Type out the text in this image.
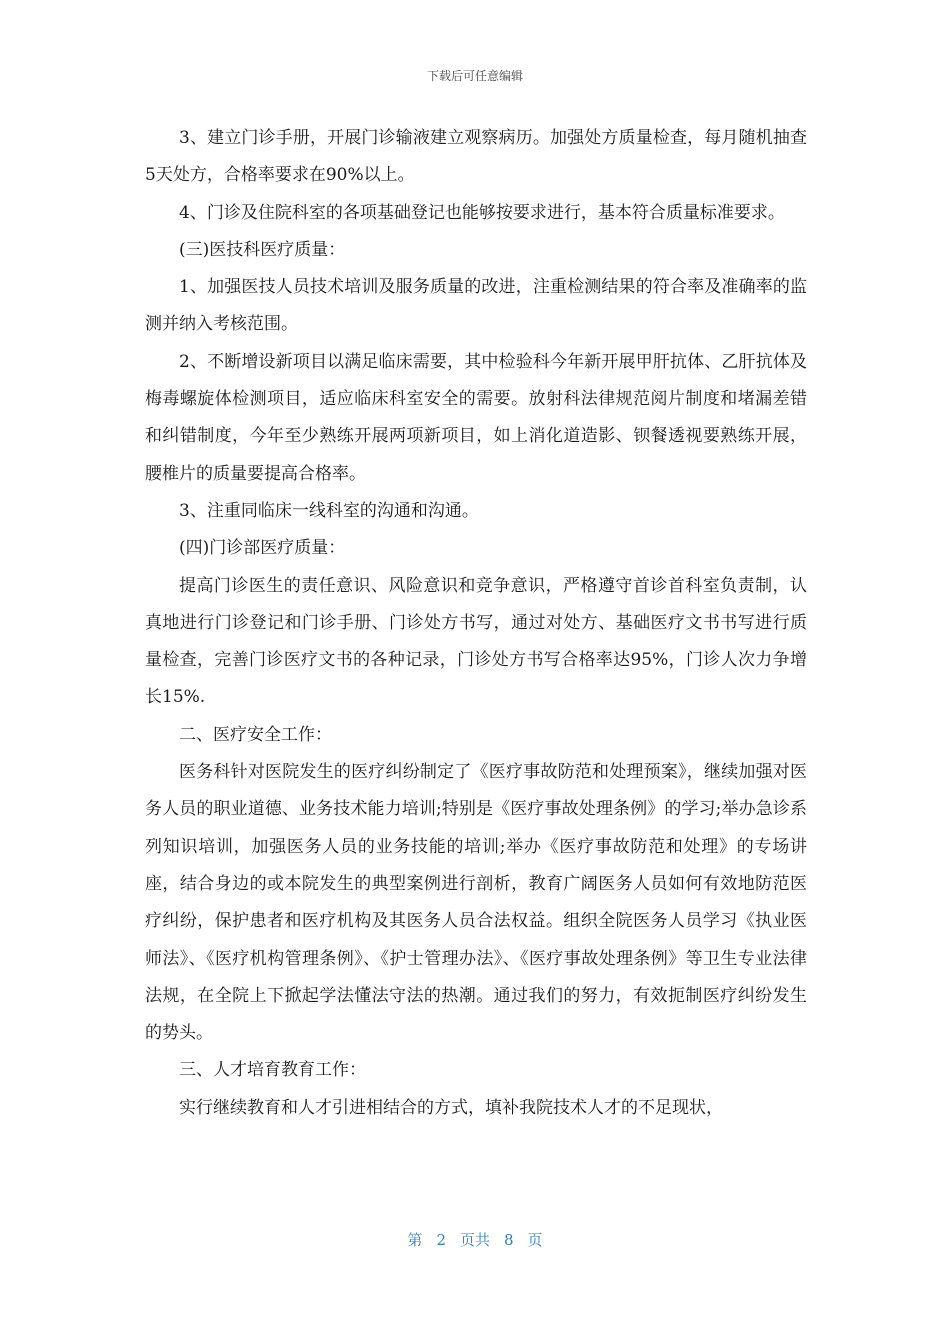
下载后可任意编辑

3、建立门诊手册，开展门诊输液建立观察病历。加强处方质量检查，每月随机抽查5天处方，合格率要求在90%以上。

4、门诊及住院科室的各项基础登记也能够按要求进行，基本符合质量标准要求。

(三)医技科医疗质量：

1、加强医技人员技术培训及服务质量的改进，注重检测结果的符合率及准确率的监测并纳入考核范围。

2、不断增设新项目以满足临床需要，其中检验科今年新开展甲肝抗体、乙肝抗体及梅毒螺旋体检测项目，适应临床科室安全的需要。放射科法律规范阅片制度和堵漏差错和纠错制度，今年至少熟练开展两项新项目，如上消化道造影、钡餐透视要熟练开展，腰椎片的质量要提高合格率。

3、注重同临床一线科室的沟通和沟通。

(四)门诊部医疗质量：

提高门诊医生的责任意识、风险意识和竞争意识，严格遵守首诊首科室负责制，认真地进行门诊登记和门诊手册、门诊处方书写，通过对处方、基础医疗文书书写进行质量检查，完善门诊医疗文书的各种记录，门诊处方书写合格率达95%，门诊人次力争增长15%.

二、医疗安全工作：

医务科针对医院发生的医疗纠纷制定了《医疗事故防范和处理预案》，继续加强对医务人员的职业道德、业务技术能力培训;特别是《医疗事故处理条例》的学习;举办急诊系列知识培训，加强医务人员的业务技能的培训;举办《医疗事故防范和处理》的专场讲座，结合身边的或本院发生的典型案例进行剖析，教育广阔医务人员如何有效地防范医疗纠纷，保护患者和医疗机构及其医务人员合法权益。组织全院医务人员学习《执业医师法》、《医疗机构管理条例》、《护士管理办法》、《医疗事故处理条例》等卫生专业法律法规，在全院上下掀起学法懂法守法的热潮。通过我们的努力，有效扼制医疗纠纷发生的势头。

三、人才培育教育工作：

实行继续教育和人才引进相结合的方式，填补我院技术人才的不足现状，

第 2 页共 8 页
